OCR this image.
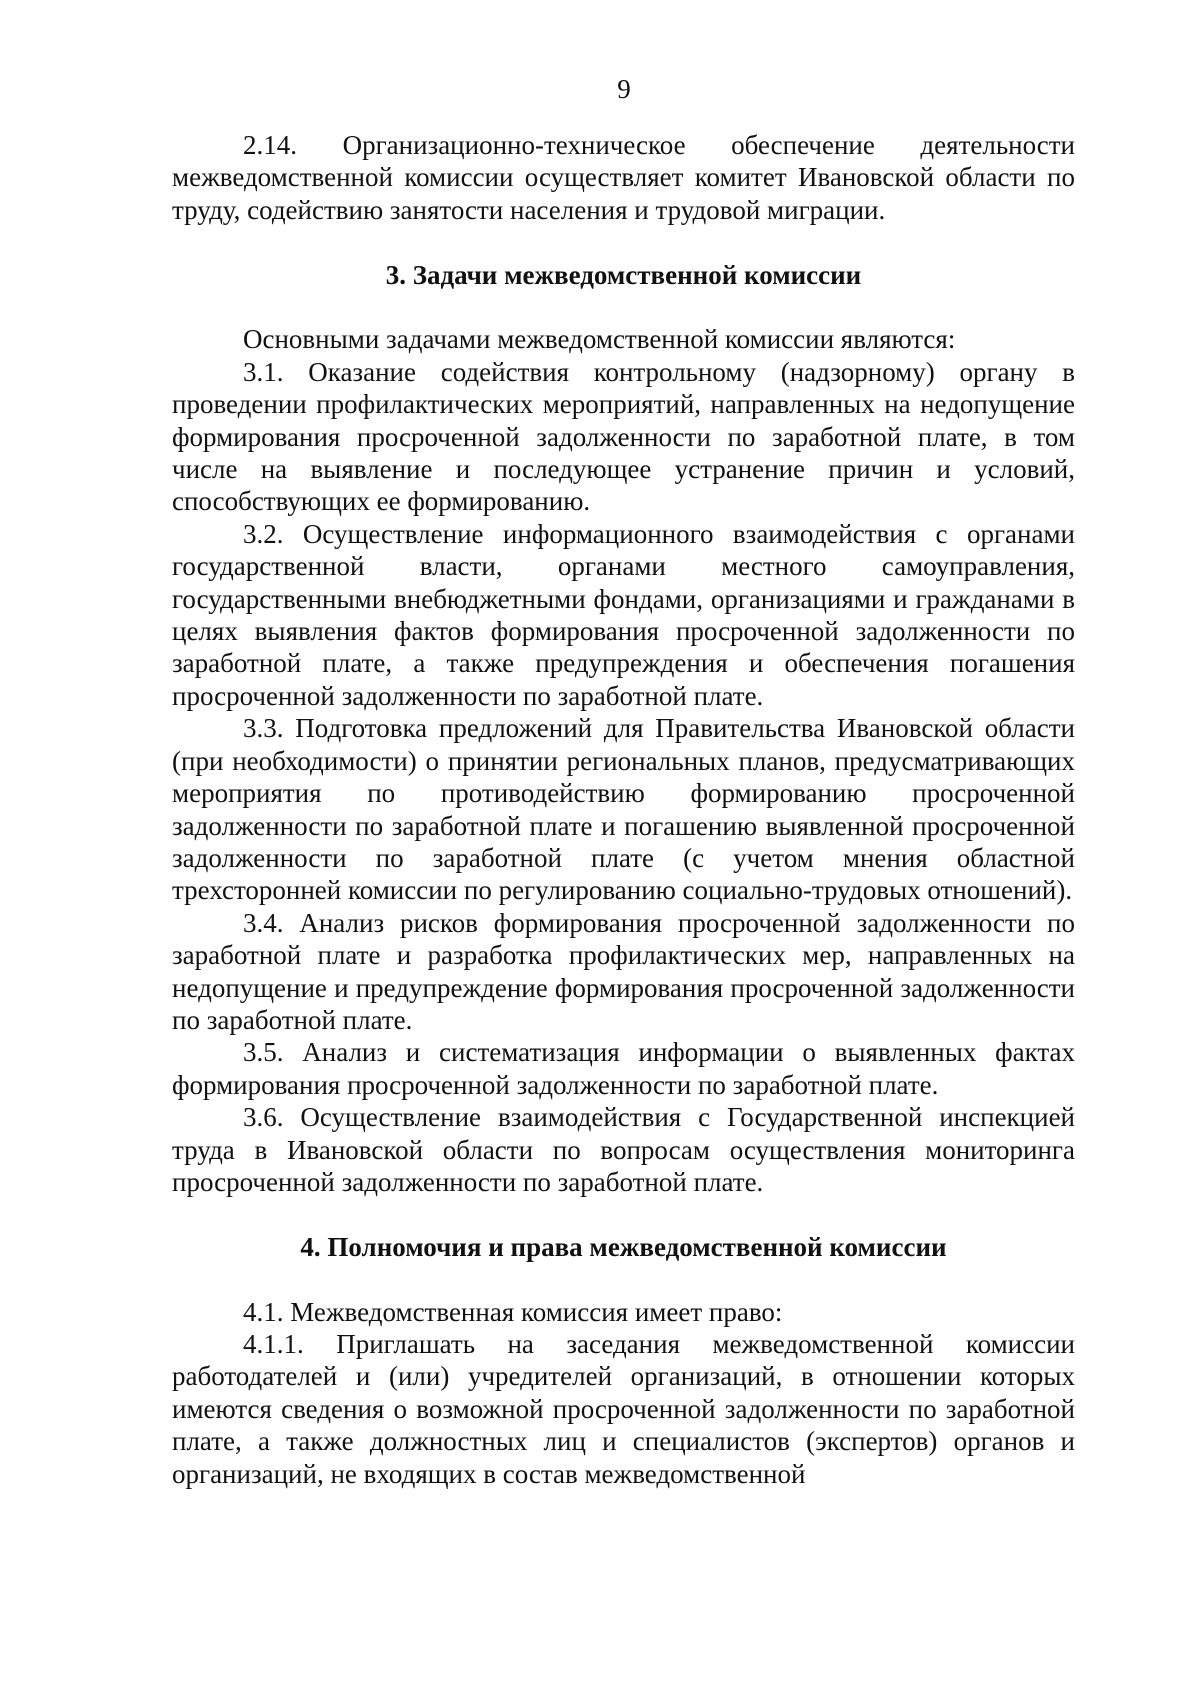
9

2.14. Организационно-техническое обеспечение деятельности межведомственной комиссии осуществляет комитет Ивановской области по труду, содействию занятости населения и трудовой миграции.

3. Задачи межведомственной комиссии

Основными задачами межведомственной комиссии являются:

3.1. Оказание содействия контрольному (надзорному) органу в проведении профилактических мероприятий, направленных на недопущение формирования просроченной задолженности по заработной плате, в том числе на выявление и последующее устранение причин и условий, способствующих ее формированию.

3.2. Осуществление информационного взаимодействия с органами государственной власти, органами местного самоуправления, государственными внебюджетными фондами, организациями и гражданами в целях выявления фактов формирования просроченной задолженности по заработной плате, а также предупреждения и обеспечения погашения просроченной задолженности по заработной плате.

3.3. Подготовка предложений для Правительства Ивановской области (при необходимости) о принятии региональных планов, предусматривающих мероприятия по противодействию формированию просроченной задолженности по заработной плате и погашению выявленной просроченной задолженности по заработной плате (с учетом мнения областной трехсторонней комиссии по регулированию социально-трудовых отношений).

3.4. Анализ рисков формирования просроченной задолженности по заработной плате и разработка профилактических мер, направленных на недопущение и предупреждение формирования просроченной задолженности по заработной плате.

3.5. Анализ и систематизация информации о выявленных фактах формирования просроченной задолженности по заработной плате.

3.6. Осуществление взаимодействия с Государственной инспекцией труда в Ивановской области по вопросам осуществления мониторинга просроченной задолженности по заработной плате.

4. Полномочия и права межведомственной комиссии

4.1. Межведомственная комиссия имеет право:

4.1.1. Приглашать на заседания межведомственной комиссии работодателей и (или) учредителей организаций, в отношении которых имеются сведения о возможной просроченной задолженности по заработной плате, а также должностных лиц и специалистов (экспертов) органов и организаций, не входящих в состав межведомственной
